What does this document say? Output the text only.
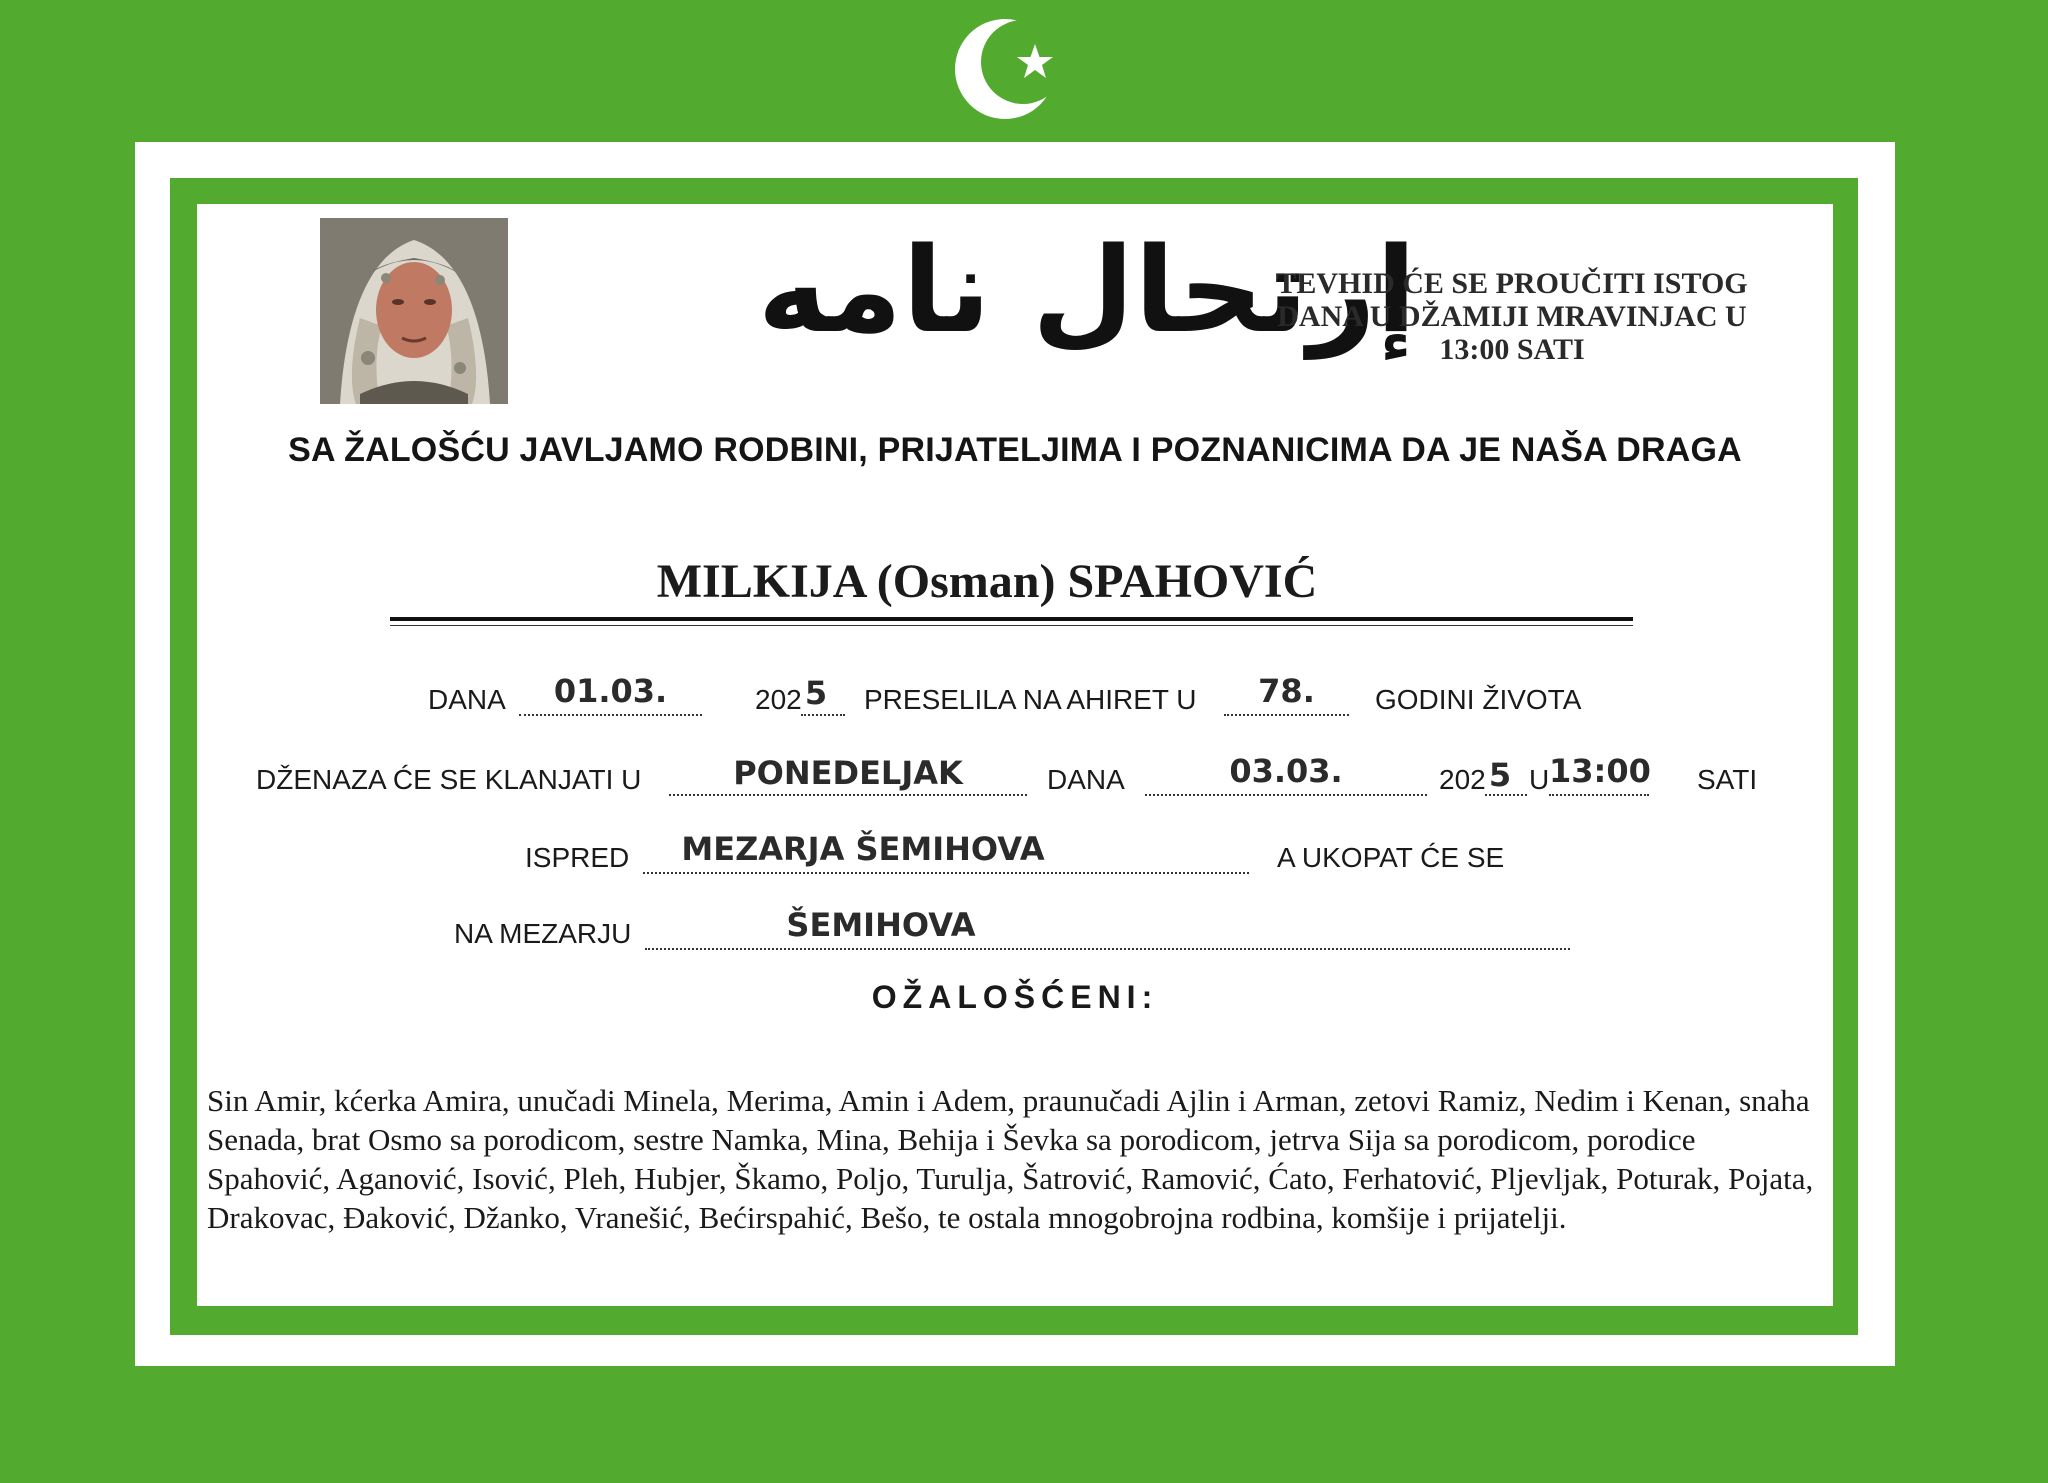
إرتحال نامه
TEVHID ĆE SE PROUČITI ISTOG DANA U DŽAMIJI MRAVINJAC U 13:00 SATI
SA ŽALOŠĆU JAVLJAMO RODBINI, PRIJATELJIMA I POZNANICIMA DA JE NAŠA DRAGA
MILKIJA (Osman) SPAHOVIĆ
DANA	01.03.	202 5 PRESELILA NA AHIRET U	78.	GODINI ŽIVOTA
DŽENAZA ĆE SE KLANJATI U	PONEDELJAK	DANA	03.03.	202 5 U 13:00 SATI
ISPRED	MEZARJA ŠEMIHOVA	A UKOPAT ĆE SE
NA MEZARJU	ŠEMIHOVA
OŽALOŠĆENI:
Sin Amir, kćerka Amira, unučadi Minela, Merima, Amin i Adem, praunučadi Ajlin i Arman, zetovi Ramiz, Nedim i Kenan, snaha Senada, brat Osmo sa porodicom, sestre Namka, Mina, Behija i Ševka sa porodicom, jetrva Sija sa porodicom, porodice Spahović, Aganović, Isović, Pleh, Hubjer, Škamo, Poljo, Turulja, Šatrović, Ramović, Ćato, Ferhatović, Pljevljak, Poturak, Pojata, Drakovac, Đaković, Džanko, Vranešić, Bećirspahić, Bešo, te ostala mnogobrojna rodbina, komšije i prijatelji.
